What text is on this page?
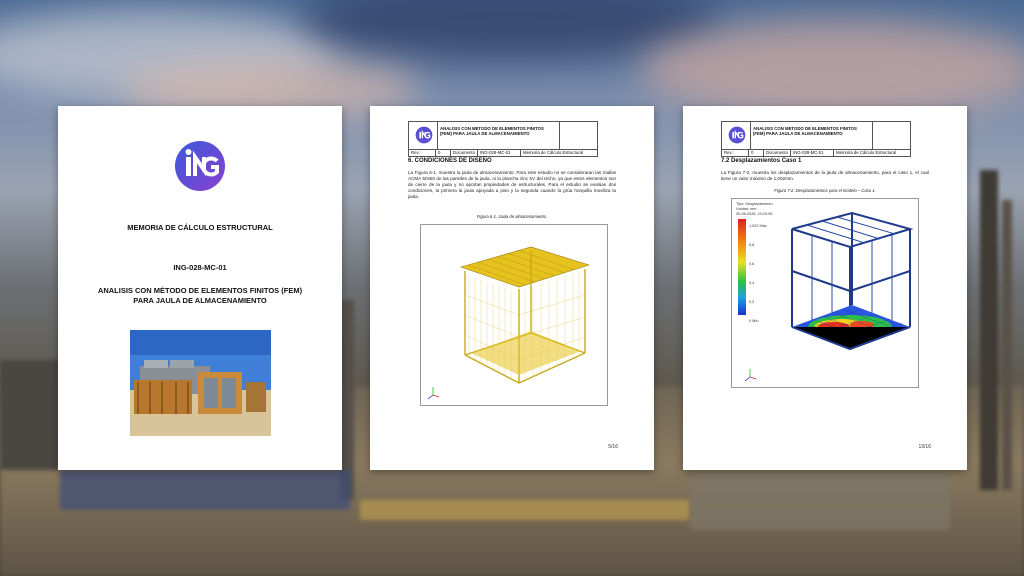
MEMORIA DE CÁLCULO ESTRUCTURAL
ING-028-MC-01
ANALISIS CON MÉTODO DE ELEMENTOS FINITOS (FEM)
PARA JAULA DE ALMACENAMIENTO
ANALISIS CON METODO DE ELEMENTOS FINITOS
(FEM) PARA JAULA DE ALMACENAMIENTO
Rev.:	0	Documento	ING-028-MC-01	Memoria de Cálculo Estructural
6. CONDICIONES DE DISEÑO
La Figura 6-1, muestra la jaula de almacenamiento. Para este estudio no se consideraran las mallas ACMA 50x50 de las paredes de la jaula, ni la plancha zinc 5V del techo, ya que estos elementos son de cierre de la jaula y no aportan propiedades de estructurales. Para el estudio se evalúan dos condiciones, la primera la jaula apoyada a piso y la segunda cuando la grúa horquilla moviliza la jaula.
Figura 6-1. Jaula de almacenamiento.
5/16
ANALISIS CON METODO DE ELEMENTOS FINITOS
(FEM) PARA JAULA DE ALMACENAMIENTO
Rev.:	0	Documento	ING-028-MC-01	Memoria de Cálculo Estructural
7.2 Desplazamientos Caso 1
La Figura 7-2, muestra los desplazamientos de la jaula de almacenamiento, para el caso 1, el cual tiene un valor máximo de 1,002mm.
Figura 7-2. Desplazamientos para el modelo – Caso 1.
Tipo: Desplazamiento
Unidad: mm
30-06-2025, 23:20:05
1,002 Máx
0,8
0,6
0,4
0,2
0 Mín
13/16
